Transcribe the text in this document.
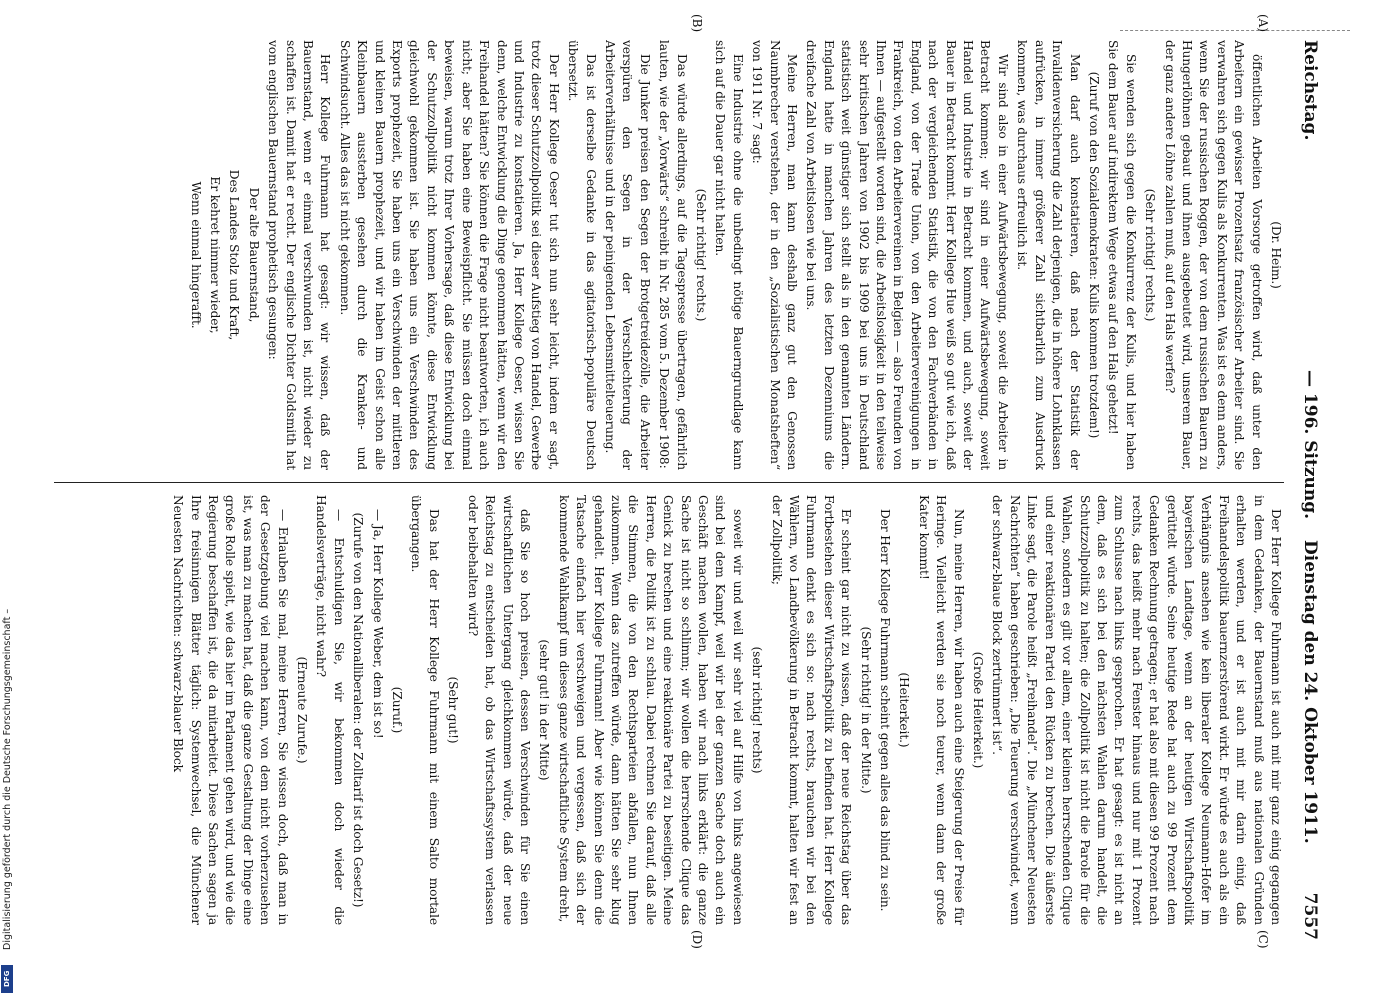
Reichstag.
— 196. Sitzung.
Dienstag den 24. Oktober 1911.
7557

(Dr. Heim.)

öffentlichen Arbeiten Vorsorge getroffen wird, daß unter den Arbeitern ein gewisser Prozentsatz französischer Arbeiter sind. Sie verwahren sich gegen Kulis als Konkurrenten. Was ist es denn anders, wenn Sie der russischen Roggen, der von dem russischen Bauern zu Hungerlöhnen gebaut und ihnen ausgebeutet wird, unserem Bauer, der ganz andere Löhne zahlen muß, auf den Hals werfen?

(Sehr richtig! rechts.)

Sie wenden sich gegen die Konkurrenz der Kulis, und hier haben Sie dem Bauer auf indirektem Wege etwas auf den Hals gehetzt!

(Zuruf von den Sozialdemokraten: Kulis kommen trotzdem!)

Man darf auch konstatieren, daß nach der Statistik der Invalidenversicherung die Zahl derjenigen, die in höhere Lohnklassen aufrücken, in immer größerer Zahl sichtbarlich zum Ausdruck kommen, was durchaus erfreulich ist.

Wir sind also in einer Aufwärtsbewegung, soweit die Arbeiter in Betracht kommen; wir sind in einer Aufwärtsbewegung, soweit Handel und Industrie in Betracht kommen, und auch, soweit der Bauer in Betracht kommt. Herr Kollege Hue weiß so gut wie ich, daß nach der vergleichenden Statistik, die von den Fachverbänden in England, von der Trade Union, von den Arbeitervereinigungen in Frankreich, von den Arbeitervereinen in Belgien — also Freunden von Ihnen — aufgestellt worden sind, die Arbeitslosigkeit in den teilweise sehr kritischen Jahren von 1902 bis 1909 bei uns in Deutschland statistisch weit günstiger sich stellt als in den genannten Ländern. England hatte in manchen Jahren des letzten Dezenniums die dreifache Zahl von Arbeitslosen wie bei uns.

Meine Herren, man kann deshalb ganz gut den Genossen Naumbrecher verstehen, der in den „Sozialistischen Monatsheften“ von 1911 Nr. 7 sagt:

Eine Industrie ohne die unbedingt nötige Bauerngrundlage kann sich auf die Dauer gar nicht halten.

(Sehr richtig! rechts.)

Das würde allerdings, auf die Tagespresse übertragen, gefährlich lauten, wie der „Vorwärts“ schreibt in Nr. 285 vom 5. Dezember 1908:

Die Junker preisen den Segen der Brotgetreidezölle, die Arbeiter verspüren den Segen in der Verschlechterung der Arbeiterverhältnisse und in der peinigenden Lebensmittelteuerung.

Das ist derselbe Gedanke in das agitatorisch-populäre Deutsch übersetzt.

Der Herr Kollege Oeser tut sich nun sehr leicht, indem er sagt, trotz dieser Schutzzollpolitik sei dieser Aufstieg von Handel, Gewerbe und Industrie zu konstatieren. Ja, Herr Kollege Oeser, wissen Sie denn, welche Entwicklung die Dinge genommen hätten, wenn wir den Freihandel hätten? Sie können die Frage nicht beantworten, ich auch nicht; aber Sie haben eine Beweispflicht. Sie müssen doch einmal beweisen, warum trotz Ihrer Vorhersage, daß diese Entwicklung bei der Schutzzollpolitik nicht kommen könnte, diese Entwicklung gleichwohl gekommen ist. Sie haben uns ein Verschwinden des Exports prophezeit, Sie haben uns ein Verschwinden der mittleren und kleinen Bauern prophezeit, und wir haben im Geist schon alle Kleinbauern aussterben gesehen durch die Kranken- und Schwindsucht. Alles das ist nicht gekommen.

Herr Kollege Fuhrmann hat gesagt: wir wissen, daß der Bauernstand, wenn er einmal verschwunden ist, nicht wieder zu schaffen ist. Damit hat er recht. Der englische Dichter Goldsmith hat vom englischen Bauernstand prophetisch gesungen:

Der alte Bauernstand,

Des Landes Stolz und Kraft,

Er kehret nimmer wieder,

Wenn einmal hingerafft.

Der Herr Kollege Fuhrmann ist auch mit mir ganz einig gegangen in dem Gedanken, der Bauernstand muß aus nationalen Gründen erhalten werden, und er ist auch mit mir darin einig, daß Freihandelspolitik bauernzerstörend wirkt. Er würde es auch als ein Verhängnis ansehen wie kein liberaler Kollege Neumann-Hofer im bayerischen Landtage, wenn an der heutigen Wirtschaftspolitik gerüttelt würde. Seine heutige Rede hat auch zu 99 Prozent dem Gedanken Rechnung getragen; er hat also mit diesen 99 Prozent nach rechts, das heißt mehr nach Fenster hinaus und nur mit 1 Prozent zum Schlusse nach links gesprochen. Er hat gesagt: es ist nicht an dem, daß es sich bei den nächsten Wahlen darum handelt, die Schutzzollpolitik zu halten; die Zollpolitik ist nicht die Parole für die Wahlen, sondern es gilt vor allem, einer kleinen herrschenden Clique und einer reaktionären Partei den Rücken zu brechen. Die äußerste Linke sagt, die Parole heißt „Freihandel“. Die „Münchener Neuesten Nachrichten“ haben geschrieben: „Die Teuerung verschwindet, wenn der schwarz-blaue Block zertrümmert ist“.

(Große Heiterkeit.)

Nun, meine Herren, wir haben auch eine Steigerung der Preise für Heringe. Vielleicht werden sie noch teurer, wenn dann der große Kater kommt!

(Heiterkeit.)

Der Herr Kollege Fuhrmann scheint gegen alles das blind zu sein.

(Sehr richtig! in der Mitte.)

Er scheint gar nicht zu wissen, daß der neue Reichstag über das Fortbestehen dieser Wirtschaftspolitik zu befinden hat. Herr Kollege Fuhrmann denkt es sich so: nach rechts, brauchen wir bei den Wählern, wo Landbevölkerung in Betracht kommt, halten wir fest an der Zollpolitik;

(sehr richtig! rechts)

soweit wir und weil wir sehr viel auf Hilfe von links angewiesen sind bei dem Kampf, weil wir bei der ganzen Sache doch auch ein Geschäft machen wollen, haben wir nach links erklärt: die ganze Sache ist nicht so schlimm; wir wollen die herrschende Clique das Genick zu brechen und eine reaktionäre Partei zu beseitigen. Meine Herren, die Politik ist zu schlau. Dabei rechnen Sie darauf, daß alle die Stimmen, die von den Rechtsparteien abfallen, nun Ihnen zukommen. Wenn das zutreffen würde, dann hätten Sie sehr klug gehandelt. Herr Kollege Fuhrmann! Aber wie können Sie denn die Tatsache einfach hier verschweigen und vergessen, daß sich der kommende Wahlkampf um dieses ganze wirtschaftliche System dreht,

(sehr gut! in der Mitte)

daß Sie so hoch preisen, dessen Verschwinden für Sie einen wirtschaftlichen Untergang gleichkommen würde, daß der neue Reichstag zu entscheiden hat, ob das Wirtschaftssystem verlassen oder beibehalten wird?

(Sehr gut!)

Das hat der Herr Kollege Fuhrmann mit einem Salto mortale übergangen.

(Zuruf.)

— Ja, Herr Kollege Weber, dem ist so!

(Zurufe von den Nationalliberalen: der Zolltarif ist doch Gesetz!)

— Entschuldigen Sie, wir bekommen doch wieder die Handelsverträge, nicht wahr?

(Erneute Zurufe.)

— Erlauben Sie mal, meine Herren, Sie wissen doch, daß man in der Gesetzgebung viel machen kann, von dem nicht vorherzusehen ist, was man zu machen hat, daß die ganze Gestaltung der Dinge eine große Rolle spielt, wie das hier im Parlament gehen wird, und wie die Regierung beschaffen ist, die da mitarbeitet. Diese Sachen sagen ja Ihre freisinnigen Blätter täglich: Systemwechsel, die Münchener Neuesten Nachrichten: schwarz-blauer Block

(A)
(B)
(C)
(D)
Digitalisierung gefördert durch die Deutsche Forschungsgemeinschaft –
DFG
